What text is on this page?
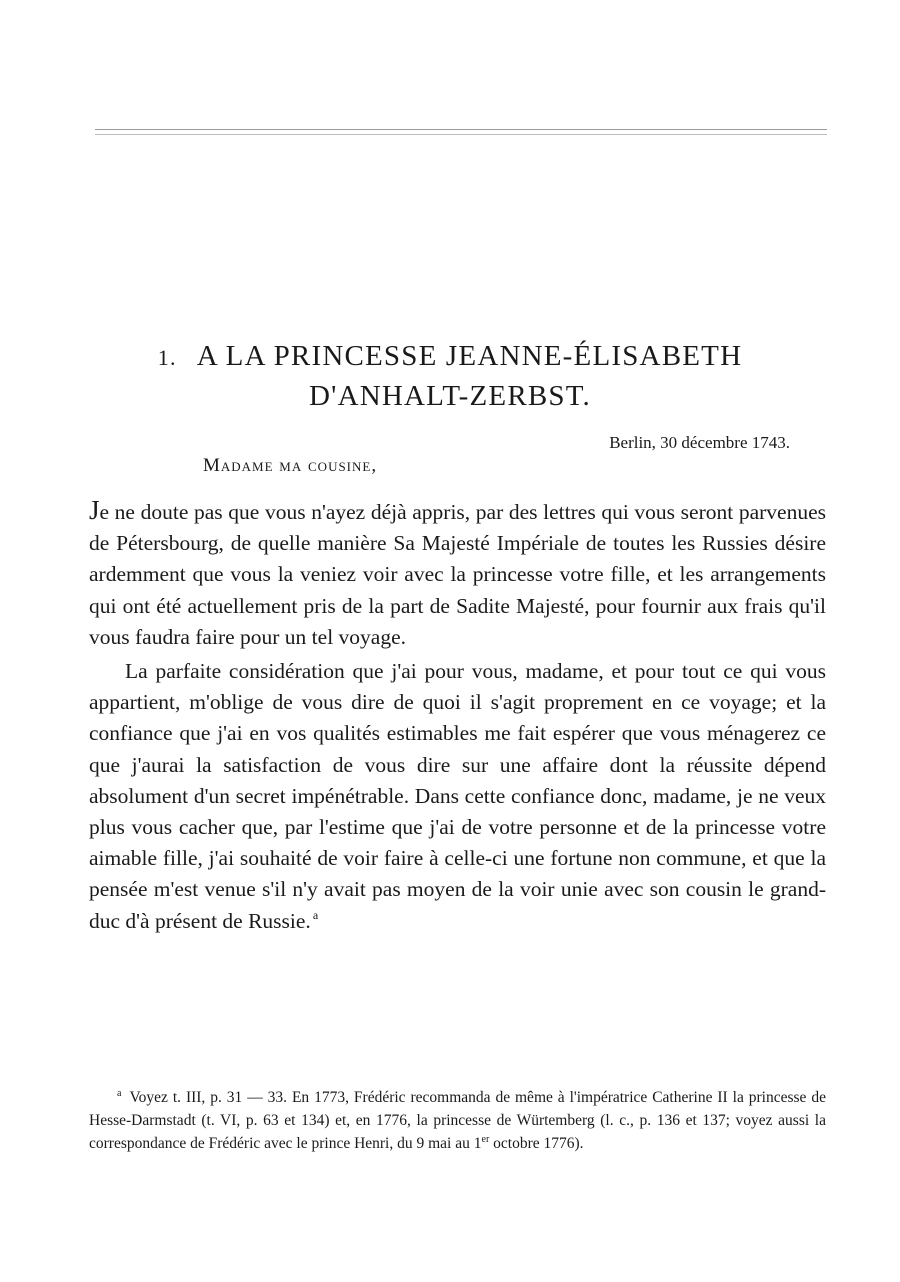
1. A LA PRINCESSE JEANNE-ÉLISABETH
D'ANHALT-ZERBST.
Berlin, 30 décembre 1743.
Madame ma cousine,

Je ne doute pas que vous n'ayez déjà appris, par des lettres qui vous seront parvenues de Pétersbourg, de quelle manière Sa Majesté Impériale de toutes les Russies désire ardemment que vous la veniez voir avec la princesse votre fille, et les arrangements qui ont été actuellement pris de la part de Sadite Majesté, pour fournir aux frais qu'il vous faudra faire pour un tel voyage.

La parfaite considération que j'ai pour vous, madame, et pour tout ce qui vous appartient, m'oblige de vous dire de quoi il s'agit proprement en ce voyage; et la confiance que j'ai en vos qualités estimables me fait espérer que vous ménagerez ce que j'aurai la satisfaction de vous dire sur une affaire dont la réussite dépend absolument d'un secret impénétrable. Dans cette confiance donc, madame, je ne veux plus vous cacher que, par l'estime que j'ai de votre personne et de la princesse votre aimable fille, j'ai souhaité de voir faire à celle-ci une fortune non commune, et que la pensée m'est venue s'il n'y avait pas moyen de la voir unie avec son cousin le grand-duc d'à présent de Russie. $^a$

$^a$ Voyez t. III, p. 31 — 33. En 1773, Frédéric recommanda de même à l'impératrice Catherine II la princesse de Hesse-Darmstadt (t. VI, p. 63 et 134) et, en 1776, la princesse de Würtemberg (l. c., p. 136 et 137; voyez aussi la correspondance de Frédéric avec le prince Henri, du 9 mai au 1er octobre 1776).
